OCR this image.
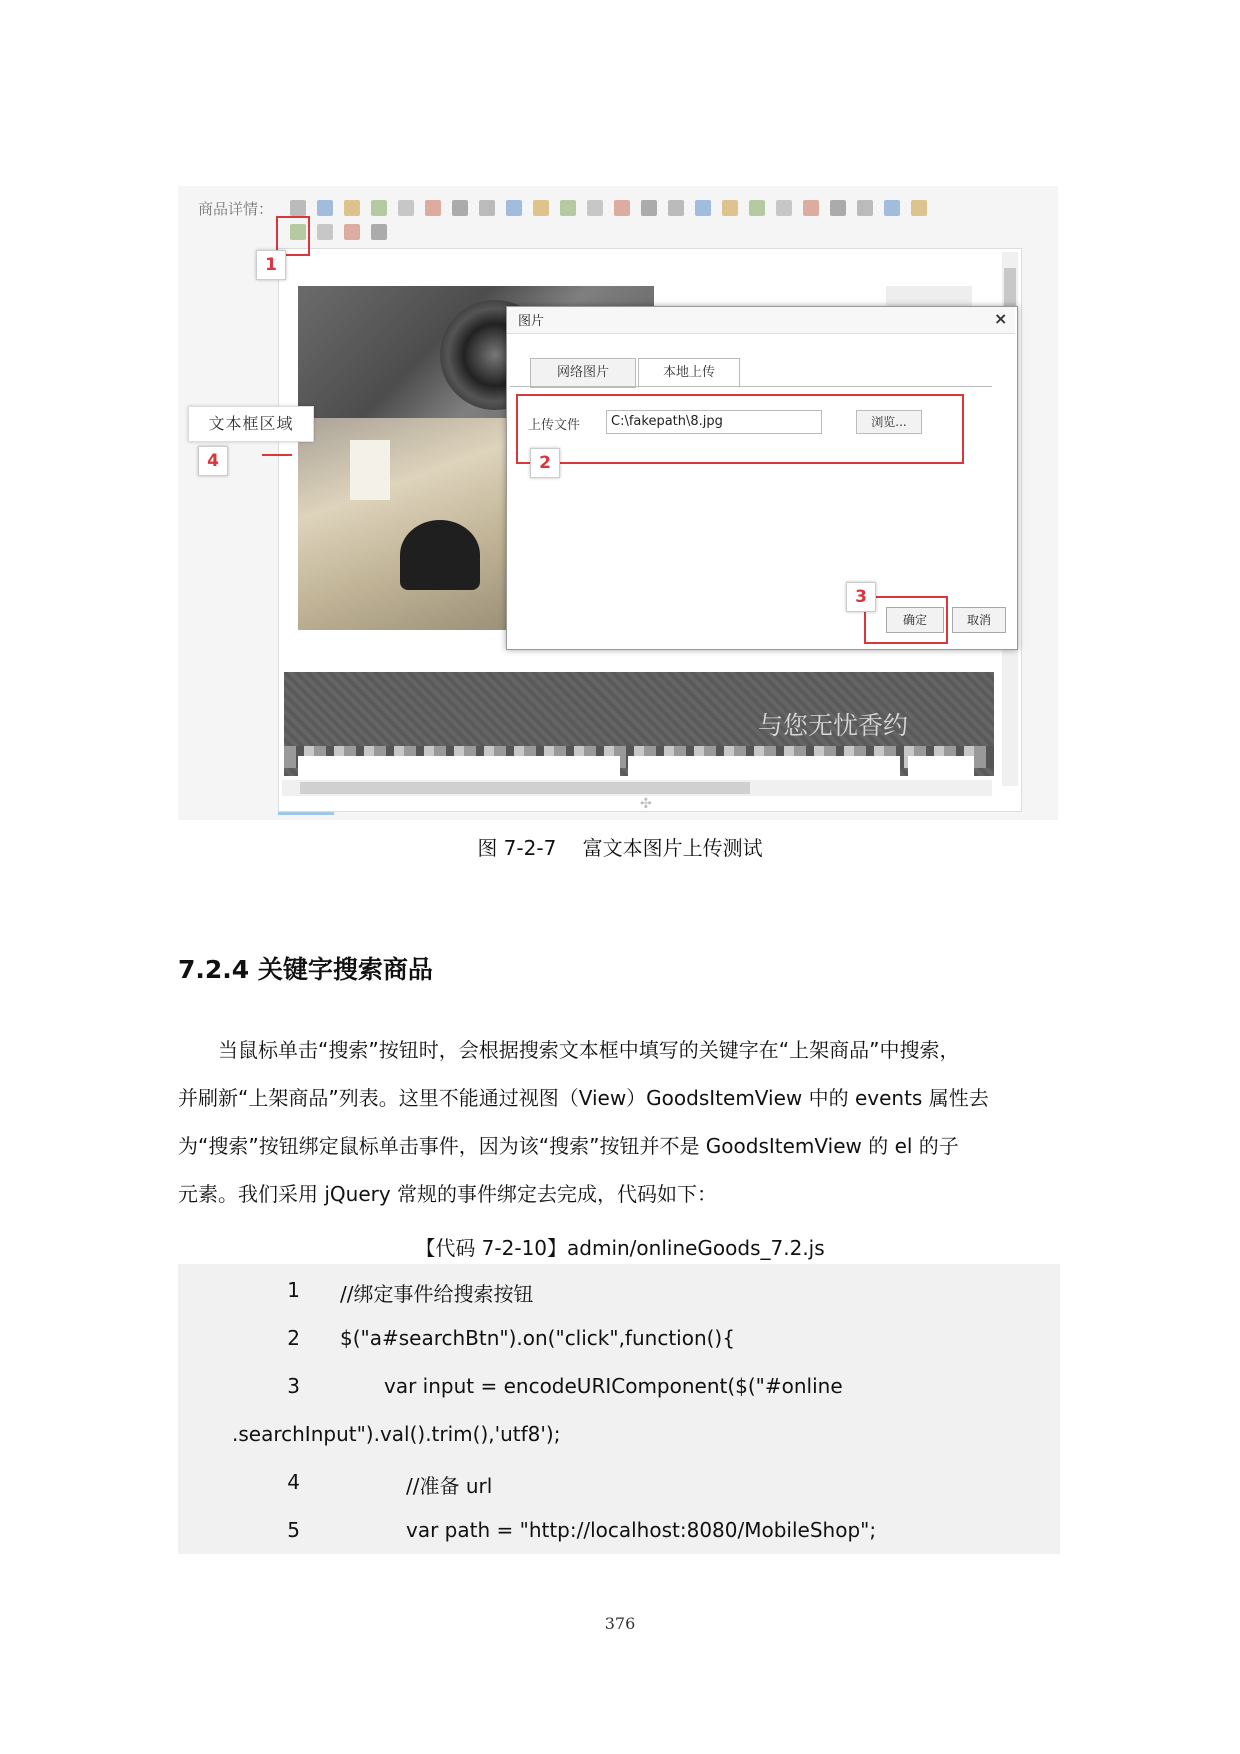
商品详情：
与您无忧香约
✣
图片	×
网络图片	本地上传
上传文件	C:\fakepath\8.jpg	浏览...
确定	取消
1
2
3
文本框区域
4
图 7-2-7　 富文本图片上传测试
7.2.4 关键字搜索商品
　　当鼠标单击“搜索”按钮时，会根据搜索文本框中填写的关键字在“上架商品”中搜索，
并刷新“上架商品”列表。这里不能通过视图（View）GoodsItemView 中的 events 属性去
为“搜索”按钮绑定鼠标单击事件，因为该“搜索”按钮并不是 GoodsItemView 的 el 的子
元素。我们采用 jQuery 常规的事件绑定去完成，代码如下：
【代码 7-2-10】admin/onlineGoods_7.2.js
1 //绑定事件给搜索按钮
2 $("a#searchBtn").on("click",function(){
3	var input = encodeURIComponent($("#online
.searchInput").val().trim(),'utf8');
4	//准备 url
5	var path = "http://localhost:8080/MobileShop";
376
